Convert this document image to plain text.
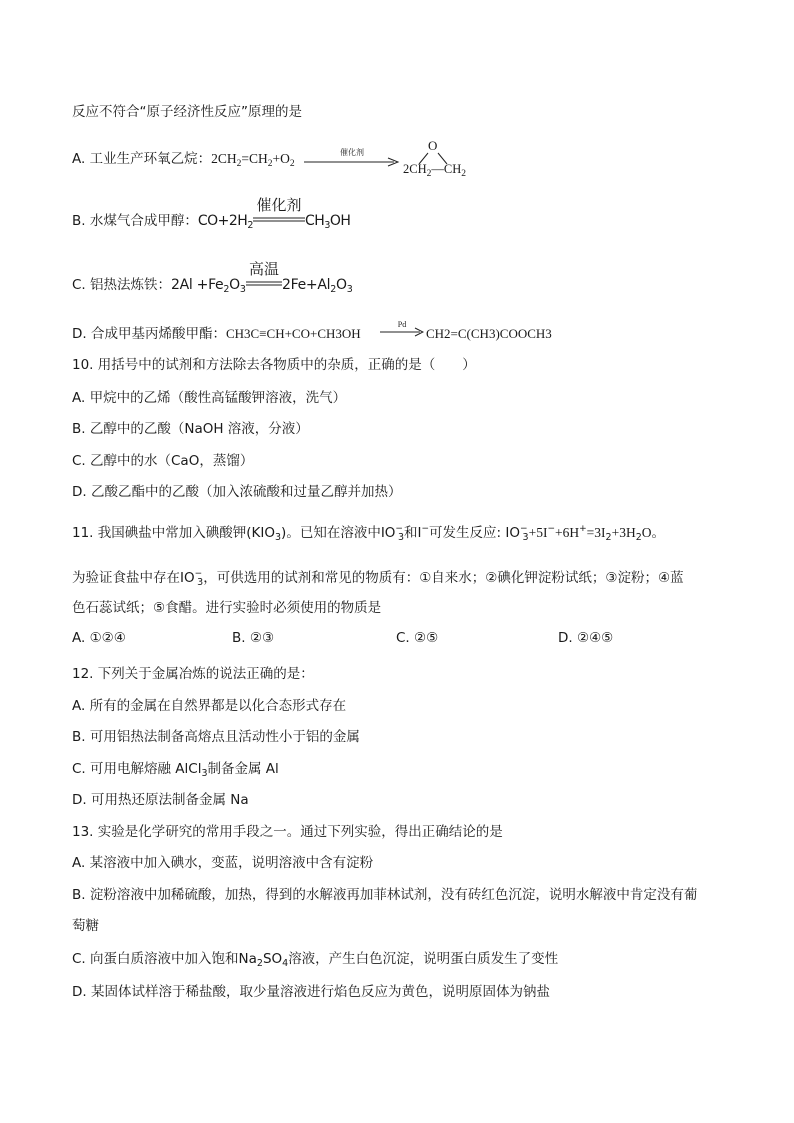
反应不符合“原子经济性反应”原理的是
A. 工业生产环氧乙烷：$2CH_2=CH_2+O_2$
催化剂	O
$2CH_2—CH_2$
B. 水煤气合成甲醇：$CO+2H_2$
催化剂
$CH_3OH$
C. 铝热法炼铁：$2Al +Fe_2O_3$
高温
$2Fe+Al_2O_3$
D. 合成甲基丙烯酸甲酯：CH3C≡CH+CO+CH3OH
Pd
CH2=C(CH3)COOCH3
10. 用括号中的试剂和方法除去各物质中的杂质，正确的是（　　）
A. 甲烷中的乙烯（酸性高锰酸钾溶液，洗气）
B. 乙醇中的乙酸（NaOH 溶液，分液）
C. 乙醇中的水（CaO，蒸馏）
D. 乙酸乙酯中的乙酸（加入浓硫酸和过量乙醇并加热）
11. 我国碘盐中常加入碘酸钾$(KIO_3)$。已知在溶液中$IO^-_3$和I−可发生反应: $IO^-_3+5I^-+6H^+=3I_2+3H_2O$。
为验证食盐中存在$IO^-_3$，可供选用的试剂和常见的物质有：①自来水；②碘化钾淀粉试纸；③淀粉；④蓝
色石蕊试纸；⑤食醋。进行实验时必须使用的物质是
A. ①②④	B. ②③	C. ②⑤	D. ②④⑤
12. 下列关于金属冶炼的说法正确的是：
A. 所有的金属在自然界都是以化合态形式存在
B. 可用铝热法制备高熔点且活动性小于铝的金属
C. 可用电解熔融 AlCl$_3$制备金属 Al
D. 可用热还原法制备金属 Na
13. 实验是化学研究的常用手段之一。通过下列实验，得出正确结论的是
A. 某溶液中加入碘水，变蓝，说明溶液中含有淀粉
B. 淀粉溶液中加稀硫酸，加热，得到的水解液再加菲林试剂，没有砖红色沉淀，说明水解液中肯定没有葡
萄糖
C. 向蛋白质溶液中加入饱和$Na_2SO_4$溶液，产生白色沉淀，说明蛋白质发生了变性
D. 某固体试样溶于稀盐酸，取少量溶液进行焰色反应为黄色，说明原固体为钠盐
